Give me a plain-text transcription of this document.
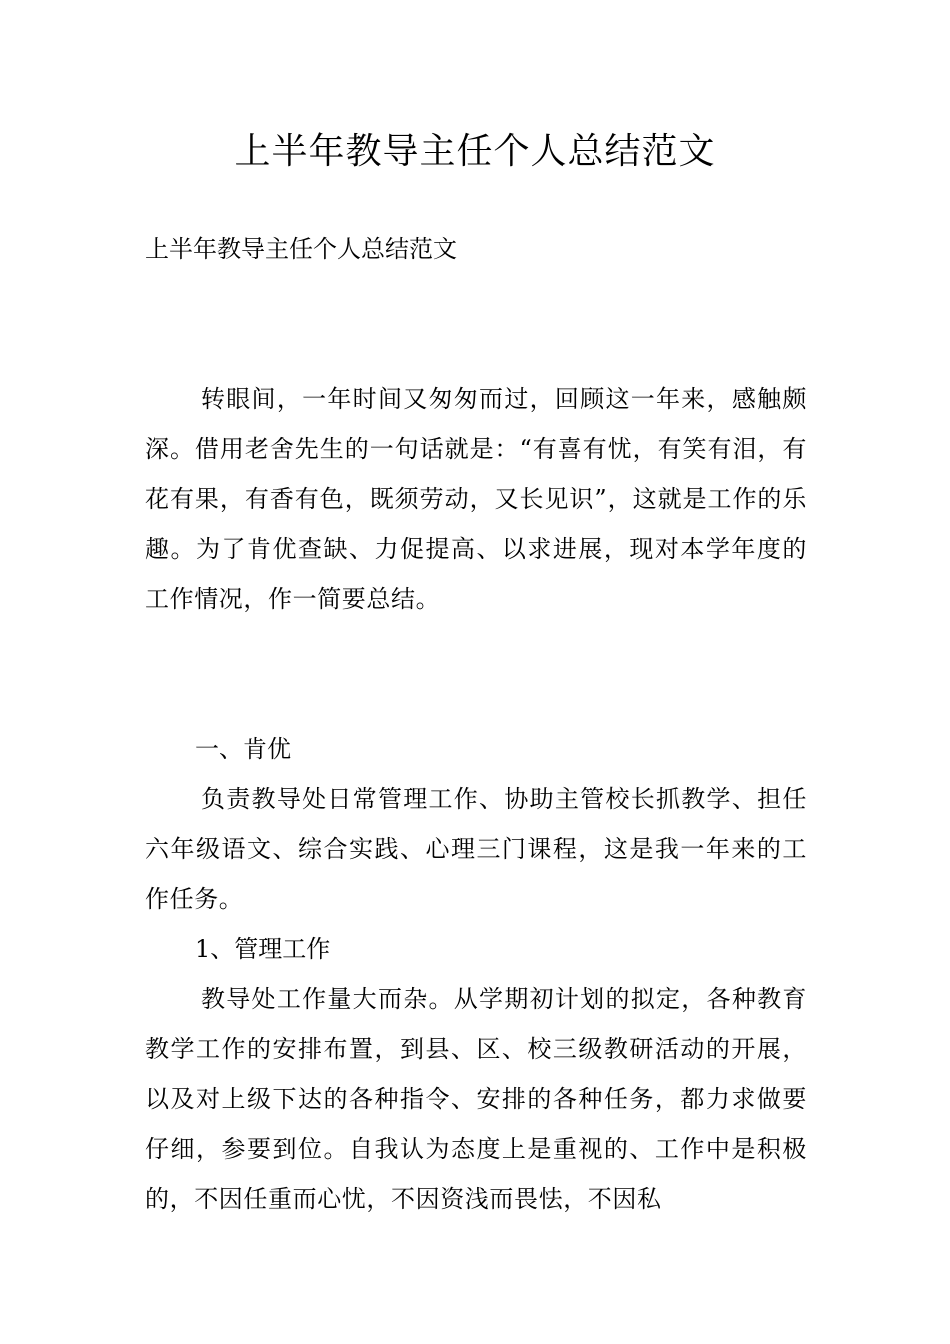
上半年教导主任个人总结范文

上半年教导主任个人总结范文

转眼间，一年时间又匆匆而过，回顾这一年来，感触颇深。借用老舍先生的一句话就是：“有喜有忧，有笑有泪，有花有果，有香有色，既须劳动，又长见识”，这就是工作的乐趣。为了肯优查缺、力促提高、以求进展，现对本学年度的工作情况，作一简要总结。

一、肯优

负责教导处日常管理工作、协助主管校长抓教学、担任六年级语文、综合实践、心理三门课程，这是我一年来的工作任务。

1、管理工作

教导处工作量大而杂。从学期初计划的拟定，各种教育教学工作的安排布置，到县、区、校三级教研活动的开展，以及对上级下达的各种指令、安排的各种任务，都力求做要仔细，参要到位。自我认为态度上是重视的、工作中是积极的，不因任重而心忧，不因资浅而畏怯，不因私
